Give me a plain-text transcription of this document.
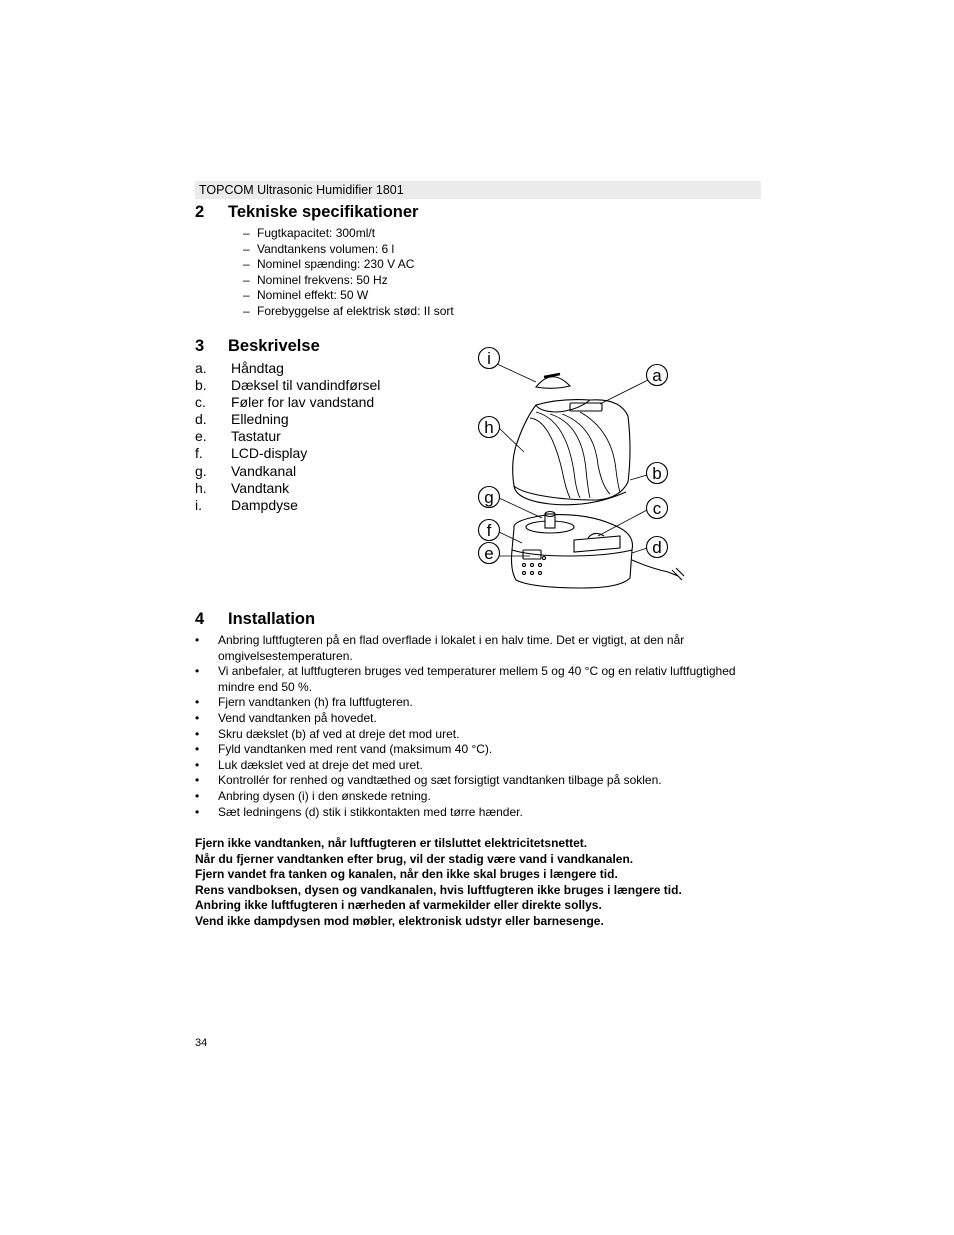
TOPCOM Ultrasonic Humidifier 1801
2 Tekniske specifikationer
– Fugtkapacitet: 300ml/t
– Vandtankens volumen: 6 l
– Nominel spænding: 230 V AC
– Nominel frekvens: 50 Hz
– Nominel effekt: 50 W
– Forebyggelse af elektrisk stød: II sort
3 Beskrivelse
a. Håndtag
b. Dæksel til vandindførsel
c. Føler for lav vandstand
d. Elledning
e. Tastatur
f. LCD-display
g. Vandkanal
h. Vandtank
i. Dampdyse
i
h
g
f
e
a
b
c
d
4 Installation
• Anbring luftfugteren på en flad overflade i lokalet i en halv time. Det er vigtigt, at den når omgivelsestemperaturen.
• Vi anbefaler, at luftfugteren bruges ved temperaturer mellem 5 og 40 °C og en relativ luftfugtighed mindre end 50 %.
• Fjern vandtanken (h) fra luftfugteren.
• Vend vandtanken på hovedet.
• Skru dækslet (b) af ved at dreje det mod uret.
• Fyld vandtanken med rent vand (maksimum 40 °C).
• Luk dækslet ved at dreje det med uret.
• Kontrollér for renhed og vandtæthed og sæt forsigtigt vandtanken tilbage på soklen.
• Anbring dysen (i) i den ønskede retning.
• Sæt ledningens (d) stik i stikkontakten med tørre hænder.
Fjern ikke vandtanken, når luftfugteren er tilsluttet elektricitetsnettet.
Når du fjerner vandtanken efter brug, vil der stadig være vand i vandkanalen.
Fjern vandet fra tanken og kanalen, når den ikke skal bruges i længere tid.
Rens vandboksen, dysen og vandkanalen, hvis luftfugteren ikke bruges i længere tid.
Anbring ikke luftfugteren i nærheden af varmekilder eller direkte sollys.
Vend ikke dampdysen mod møbler, elektronisk udstyr eller barnesenge.
34
